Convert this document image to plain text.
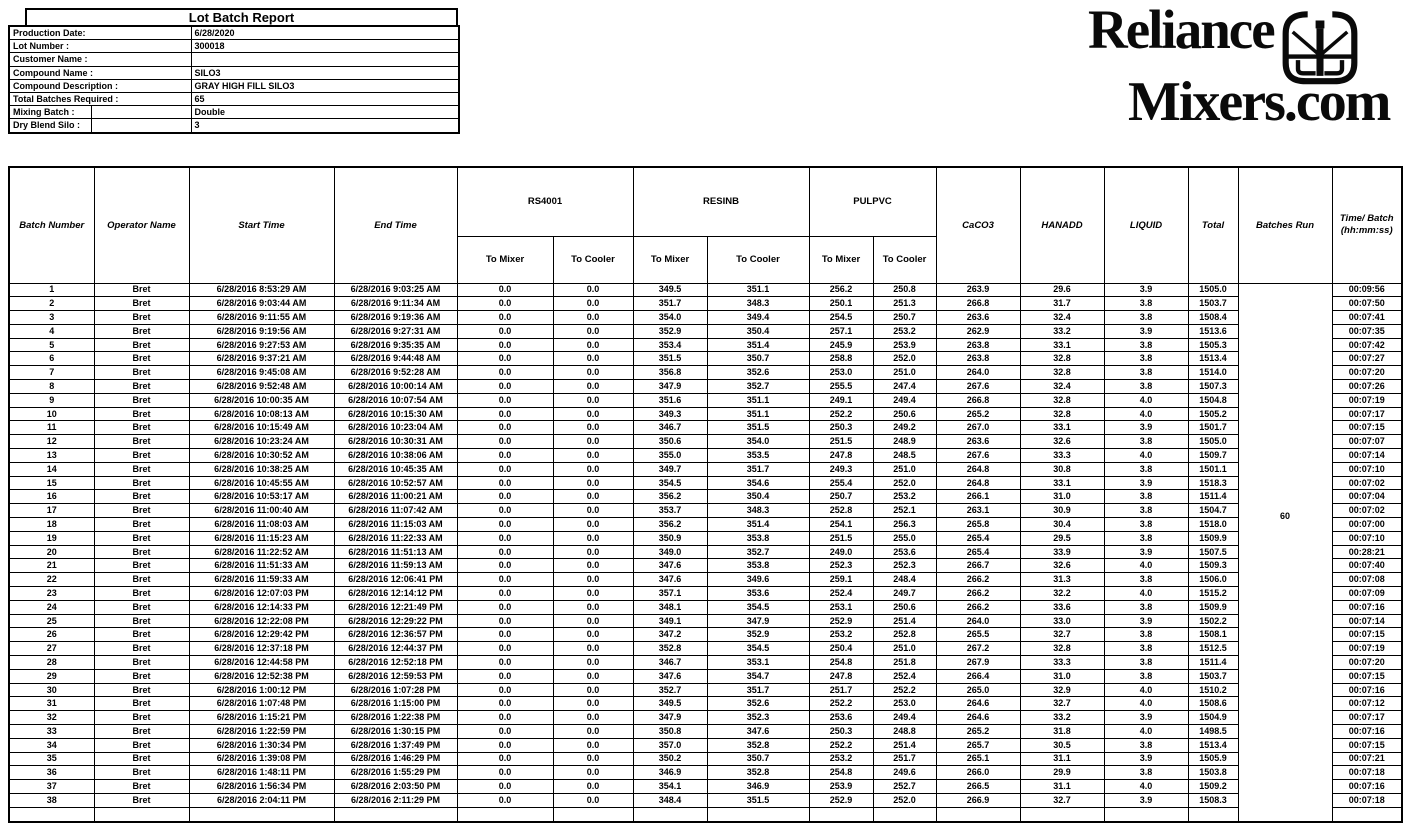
Lot Batch Report
Production Date:		6/28/2020
Lot Number :		300018
Customer Name :		
Compound Name :		SILO3
Compound Description :		GRAY HIGH FILL SILO3
Total Batches Required :		65
Mixing Batch :		Double
Dry Blend Silo :		3
Reliance
Mixers.com
Batch Number	Operator Name	Start Time	End Time	RS4001		RESINB		PULPVC		CaCO3	HANADD	LIQUID	Total	Batches Run	Time/ Batch
(hh:mm:ss)

				To Mixer	To Cooler	To Mixer	To Cooler	To Mixer	To Cooler						
1	Bret	6/28/2016 8:53:29 AM	6/28/2016 9:03:25 AM	0.0	0.0	349.5	351.1	256.2	250.8	263.9	29.6	3.9	1505.0	60	00:09:56
2	Bret	6/28/2016 9:03:44 AM	6/28/2016 9:11:34 AM	0.0	0.0	351.7	348.3	250.1	251.3	266.8	31.7	3.8	1503.7		00:07:50
3	Bret	6/28/2016 9:11:55 AM	6/28/2016 9:19:36 AM	0.0	0.0	354.0	349.4	254.5	250.7	263.6	32.4	3.8	1508.4		00:07:41
4	Bret	6/28/2016 9:19:56 AM	6/28/2016 9:27:31 AM	0.0	0.0	352.9	350.4	257.1	253.2	262.9	33.2	3.9	1513.6		00:07:35
5	Bret	6/28/2016 9:27:53 AM	6/28/2016 9:35:35 AM	0.0	0.0	353.4	351.4	245.9	253.9	263.8	33.1	3.8	1505.3		00:07:42
6	Bret	6/28/2016 9:37:21 AM	6/28/2016 9:44:48 AM	0.0	0.0	351.5	350.7	258.8	252.0	263.8	32.8	3.8	1513.4		00:07:27
7	Bret	6/28/2016 9:45:08 AM	6/28/2016 9:52:28 AM	0.0	0.0	356.8	352.6	253.0	251.0	264.0	32.8	3.8	1514.0		00:07:20
8	Bret	6/28/2016 9:52:48 AM	6/28/2016 10:00:14 AM	0.0	0.0	347.9	352.7	255.5	247.4	267.6	32.4	3.8	1507.3		00:07:26
9	Bret	6/28/2016 10:00:35 AM	6/28/2016 10:07:54 AM	0.0	0.0	351.6	351.1	249.1	249.4	266.8	32.8	4.0	1504.8		00:07:19
10	Bret	6/28/2016 10:08:13 AM	6/28/2016 10:15:30 AM	0.0	0.0	349.3	351.1	252.2	250.6	265.2	32.8	4.0	1505.2		00:07:17
11	Bret	6/28/2016 10:15:49 AM	6/28/2016 10:23:04 AM	0.0	0.0	346.7	351.5	250.3	249.2	267.0	33.1	3.9	1501.7		00:07:15
12	Bret	6/28/2016 10:23:24 AM	6/28/2016 10:30:31 AM	0.0	0.0	350.6	354.0	251.5	248.9	263.6	32.6	3.8	1505.0		00:07:07
13	Bret	6/28/2016 10:30:52 AM	6/28/2016 10:38:06 AM	0.0	0.0	355.0	353.5	247.8	248.5	267.6	33.3	4.0	1509.7		00:07:14
14	Bret	6/28/2016 10:38:25 AM	6/28/2016 10:45:35 AM	0.0	0.0	349.7	351.7	249.3	251.0	264.8	30.8	3.8	1501.1		00:07:10
15	Bret	6/28/2016 10:45:55 AM	6/28/2016 10:52:57 AM	0.0	0.0	354.5	354.6	255.4	252.0	264.8	33.1	3.9	1518.3		00:07:02
16	Bret	6/28/2016 10:53:17 AM	6/28/2016 11:00:21 AM	0.0	0.0	356.2	350.4	250.7	253.2	266.1	31.0	3.8	1511.4		00:07:04
17	Bret	6/28/2016 11:00:40 AM	6/28/2016 11:07:42 AM	0.0	0.0	353.7	348.3	252.8	252.1	263.1	30.9	3.8	1504.7		00:07:02
18	Bret	6/28/2016 11:08:03 AM	6/28/2016 11:15:03 AM	0.0	0.0	356.2	351.4	254.1	256.3	265.8	30.4	3.8	1518.0		00:07:00
19	Bret	6/28/2016 11:15:23 AM	6/28/2016 11:22:33 AM	0.0	0.0	350.9	353.8	251.5	255.0	265.4	29.5	3.8	1509.9		00:07:10
20	Bret	6/28/2016 11:22:52 AM	6/28/2016 11:51:13 AM	0.0	0.0	349.0	352.7	249.0	253.6	265.4	33.9	3.9	1507.5		00:28:21
21	Bret	6/28/2016 11:51:33 AM	6/28/2016 11:59:13 AM	0.0	0.0	347.6	353.8	252.3	252.3	266.7	32.6	4.0	1509.3		00:07:40
22	Bret	6/28/2016 11:59:33 AM	6/28/2016 12:06:41 PM	0.0	0.0	347.6	349.6	259.1	248.4	266.2	31.3	3.8	1506.0		00:07:08
23	Bret	6/28/2016 12:07:03 PM	6/28/2016 12:14:12 PM	0.0	0.0	357.1	353.6	252.4	249.7	266.2	32.2	4.0	1515.2		00:07:09
24	Bret	6/28/2016 12:14:33 PM	6/28/2016 12:21:49 PM	0.0	0.0	348.1	354.5	253.1	250.6	266.2	33.6	3.8	1509.9		00:07:16
25	Bret	6/28/2016 12:22:08 PM	6/28/2016 12:29:22 PM	0.0	0.0	349.1	347.9	252.9	251.4	264.0	33.0	3.9	1502.2		00:07:14
26	Bret	6/28/2016 12:29:42 PM	6/28/2016 12:36:57 PM	0.0	0.0	347.2	352.9	253.2	252.8	265.5	32.7	3.8	1508.1		00:07:15
27	Bret	6/28/2016 12:37:18 PM	6/28/2016 12:44:37 PM	0.0	0.0	352.8	354.5	250.4	251.0	267.2	32.8	3.8	1512.5		00:07:19
28	Bret	6/28/2016 12:44:58 PM	6/28/2016 12:52:18 PM	0.0	0.0	346.7	353.1	254.8	251.8	267.9	33.3	3.8	1511.4		00:07:20
29	Bret	6/28/2016 12:52:38 PM	6/28/2016 12:59:53 PM	0.0	0.0	347.6	354.7	247.8	252.4	266.4	31.0	3.8	1503.7		00:07:15
30	Bret	6/28/2016 1:00:12 PM	6/28/2016 1:07:28 PM	0.0	0.0	352.7	351.7	251.7	252.2	265.0	32.9	4.0	1510.2		00:07:16
31	Bret	6/28/2016 1:07:48 PM	6/28/2016 1:15:00 PM	0.0	0.0	349.5	352.6	252.2	253.0	264.6	32.7	4.0	1508.6		00:07:12
32	Bret	6/28/2016 1:15:21 PM	6/28/2016 1:22:38 PM	0.0	0.0	347.9	352.3	253.6	249.4	264.6	33.2	3.9	1504.9		00:07:17
33	Bret	6/28/2016 1:22:59 PM	6/28/2016 1:30:15 PM	0.0	0.0	350.8	347.6	250.3	248.8	265.2	31.8	4.0	1498.5		00:07:16
34	Bret	6/28/2016 1:30:34 PM	6/28/2016 1:37:49 PM	0.0	0.0	357.0	352.8	252.2	251.4	265.7	30.5	3.8	1513.4		00:07:15
35	Bret	6/28/2016 1:39:08 PM	6/28/2016 1:46:29 PM	0.0	0.0	350.2	350.7	253.2	251.7	265.1	31.1	3.9	1505.9		00:07:21
36	Bret	6/28/2016 1:48:11 PM	6/28/2016 1:55:29 PM	0.0	0.0	346.9	352.8	254.8	249.6	266.0	29.9	3.8	1503.8		00:07:18
37	Bret	6/28/2016 1:56:34 PM	6/28/2016 2:03:50 PM	0.0	0.0	354.1	346.9	253.9	252.7	266.5	31.1	4.0	1509.2		00:07:16
38	Bret	6/28/2016 2:04:11 PM	6/28/2016 2:11:29 PM	0.0	0.0	348.4	351.5	252.9	252.0	266.9	32.7	3.9	1508.3		00:07:18
